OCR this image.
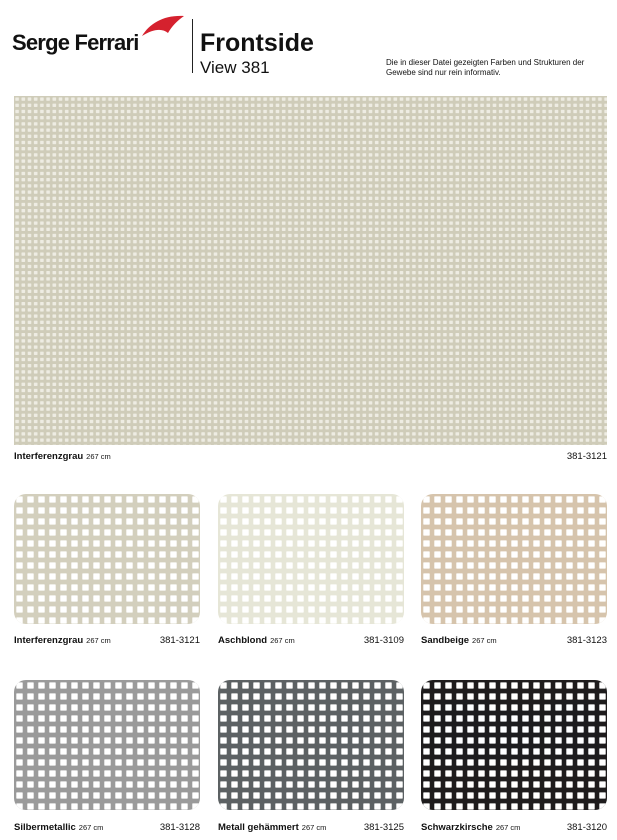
Serge Ferrari Frontside
View 381	Die in dieser Datei gezeigten Farben und Strukturen der Gewebe sind nur rein informativ.
Interferenzgrau 267 cm	381-3121
Interferenzgrau 267 cm	381-3121 Aschblond 267 cm	381-3109 Sandbeige 267 cm	381-3123
Silbermetallic 267 cm	381-3128 Metall gehämmert 267 cm	381-3125 Schwarzkirsche 267 cm	381-3120
